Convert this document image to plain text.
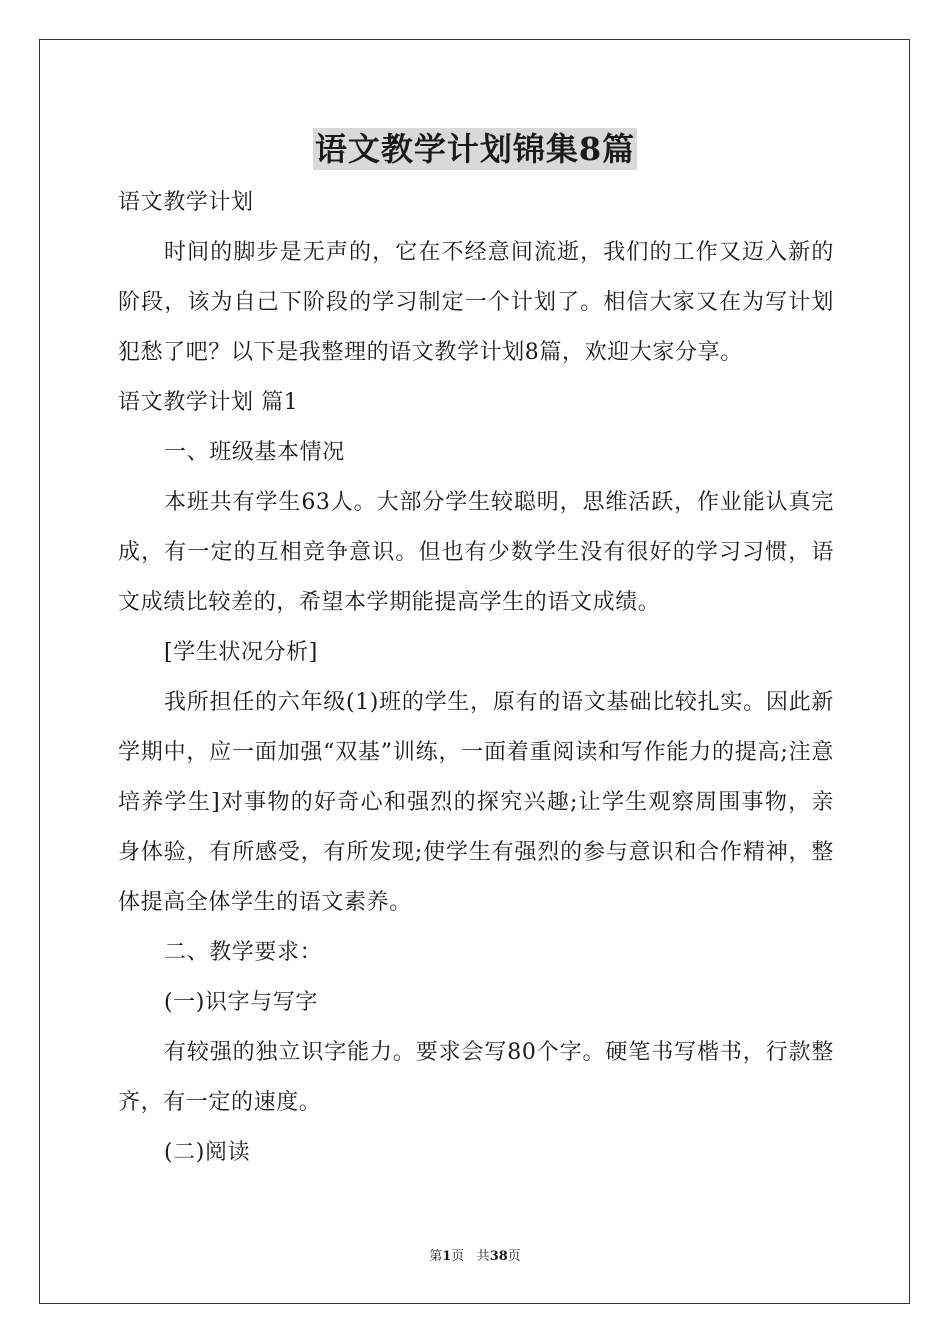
语文教学计划锦集8篇
语文教学计划
时间的脚步是无声的，它在不经意间流逝，我们的工作又迈入新的阶段，该为自己下阶段的学习制定一个计划了。相信大家又在为写计划犯愁了吧？以下是我整理的语文教学计划8篇，欢迎大家分享。
语文教学计划 篇1
一、班级基本情况
本班共有学生63人。大部分学生较聪明，思维活跃，作业能认真完成，有一定的互相竞争意识。但也有少数学生没有很好的学习习惯，语文成绩比较差的，希望本学期能提高学生的语文成绩。
[学生状况分析]
我所担任的六年级(1)班的学生，原有的语文基础比较扎实。因此新学期中，应一面加强“双基”训练，一面着重阅读和写作能力的提高;注意培养学生]对事物的好奇心和强烈的探究兴趣;让学生观察周围事物，亲身体验，有所感受，有所发现;使学生有强烈的参与意识和合作精神，整体提高全体学生的语文素养。
二、教学要求：
(一)识字与写字
有较强的独立识字能力。要求会写80个字。硬笔书写楷书，行款整齐，有一定的速度。
(二)阅读
第1页 共38页
